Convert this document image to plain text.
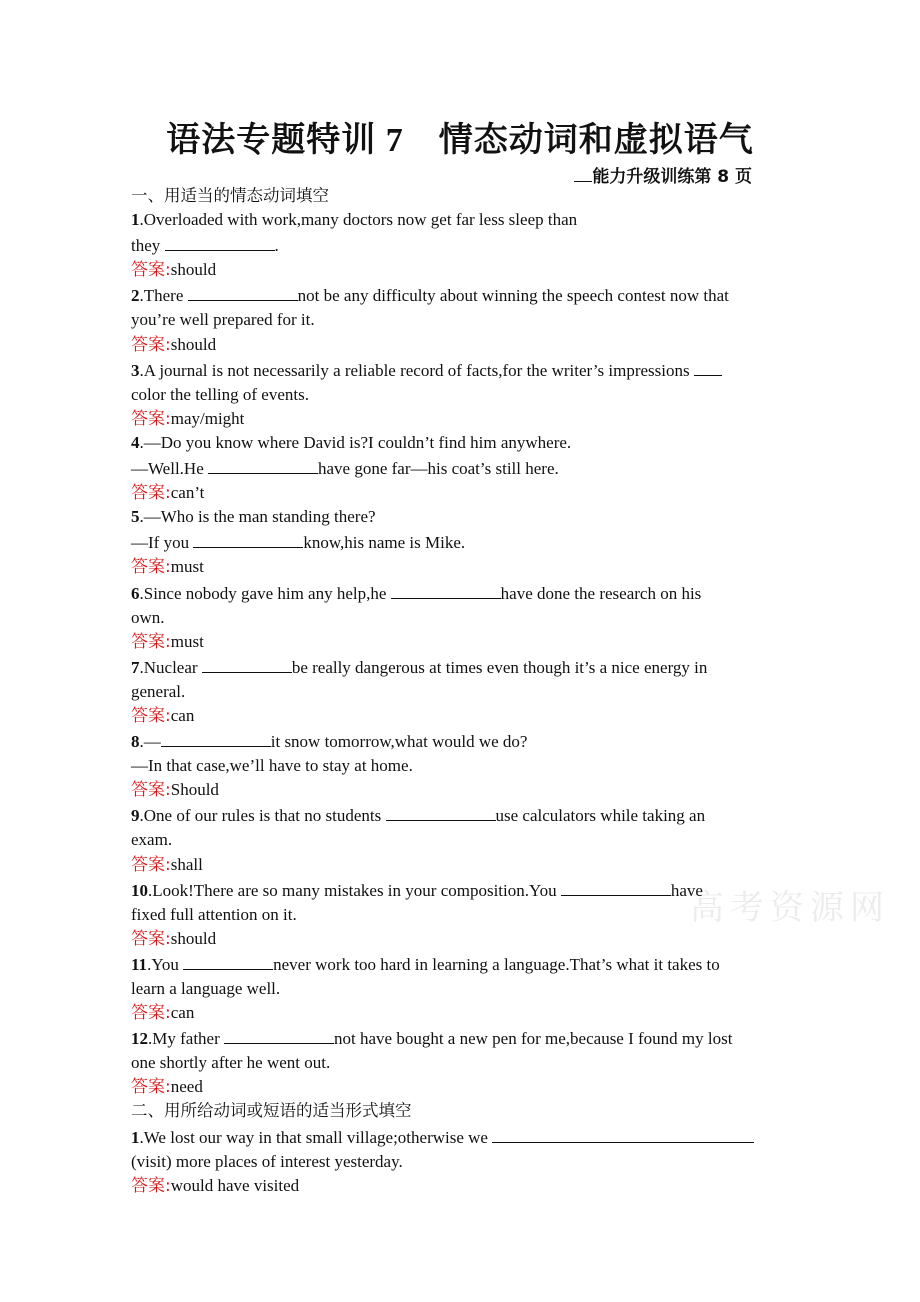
语法专题特训 7　情态动词和虚拟语气
能力升级训练第 8 页
高考资源网
一、用适当的情态动词填空
1.Overloaded with work,many doctors now get far less sleep than
they	.
答案:should
2.There	not be any difficulty about winning the speech contest now that
you’re well prepared for it.
答案:should
3.A journal is not necessarily a reliable record of facts,for the writer’s impressions
color the telling of events.
答案:may/might
4.—Do you know where David is?I couldn’t find him anywhere.
—Well.He	have gone far—his coat’s still here.
答案:can’t
5.—Who is the man standing there?
—If you	know,his name is Mike.
答案:must
6.Since nobody gave him any help,he	have done the research on his
own.
答案:must
7.Nuclear	be really dangerous at times even though it’s a nice energy in
general.
答案:can
8.—	it snow tomorrow,what would we do?
—In that case,we’ll have to stay at home.
答案:Should
9.One of our rules is that no students	use calculators while taking an
exam.
答案:shall
10.Look!There are so many mistakes in your composition.You	have
fixed full attention on it.
答案:should
11.You	never work too hard in learning a language.That’s what it takes to
learn a language well.
答案:can
12.My father	not have bought a new pen for me,because I found my lost
one shortly after he went out.
答案:need
二、用所给动词或短语的适当形式填空
1.We lost our way in that small village;otherwise we
(visit) more places of interest yesterday.
答案:would have visited
